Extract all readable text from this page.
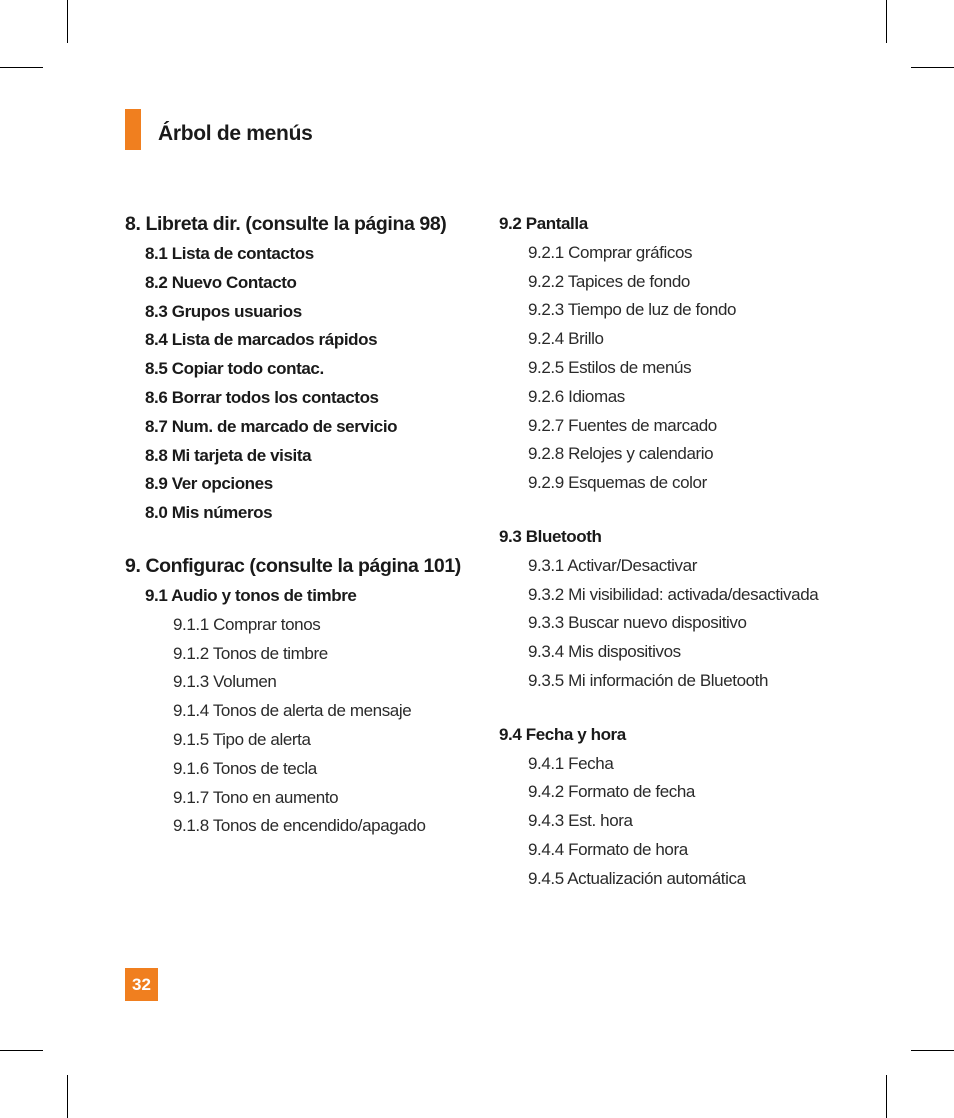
Árbol de menús
8. Libreta dir. (consulte la página 98)
8.1 Lista de contactos
8.2 Nuevo Contacto
8.3 Grupos usuarios
8.4 Lista de marcados rápidos
8.5 Copiar todo contac.
8.6 Borrar todos los contactos
8.7 Num. de marcado de servicio
8.8 Mi tarjeta de visita
8.9 Ver opciones
8.0 Mis números
9. Configurac (consulte la página 101)
9.1 Audio y tonos de timbre
9.1.1 Comprar tonos
9.1.2 Tonos de timbre
9.1.3 Volumen
9.1.4 Tonos de alerta de mensaje
9.1.5 Tipo de alerta
9.1.6 Tonos de tecla
9.1.7 Tono en aumento
9.1.8 Tonos de encendido/apagado
9.2 Pantalla
9.2.1 Comprar gráficos
9.2.2 Tapices de fondo
9.2.3 Tiempo de luz de fondo
9.2.4 Brillo
9.2.5 Estilos de menús
9.2.6 Idiomas
9.2.7 Fuentes de marcado
9.2.8 Relojes y calendario
9.2.9 Esquemas de color
9.3 Bluetooth
9.3.1 Activar/Desactivar
9.3.2 Mi visibilidad: activada/desactivada
9.3.3 Buscar nuevo dispositivo
9.3.4 Mis dispositivos
9.3.5 Mi información de Bluetooth
9.4 Fecha y hora
9.4.1 Fecha
9.4.2 Formato de fecha
9.4.3 Est. hora
9.4.4 Formato de hora
9.4.5 Actualización automática
32
